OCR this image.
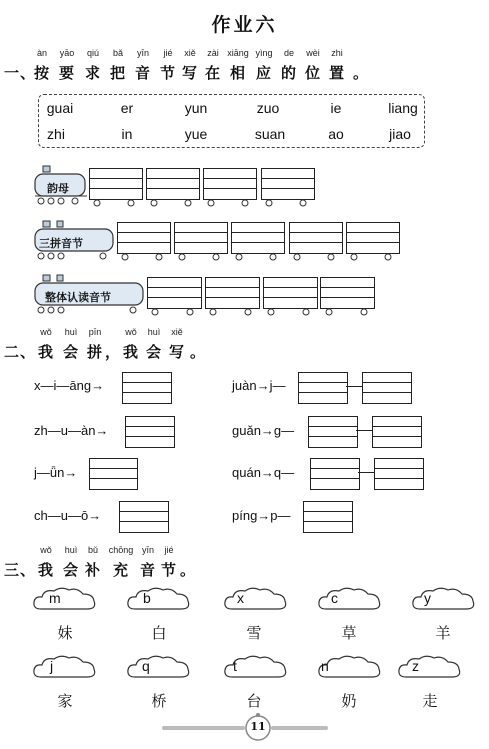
作业六
àn yāo qiú bǎ yīn jié xiě zài xiāng yìng de wèi zhi
一、
按 要 求 把 音 节 写 在 相 应 的 位 置 。
guai	er	yun	zuo	ie	liang
zhi	in	yue	suan	ao	jiao
韵母
三拼音节
整体认读音节
wǒ huì pīn	wǒ huì xiě
二、 我 会 拼 ， 我 会 写 。
x—i—āng→
zh—u—àn→
j—ǖn→
ch—u—ō→
juàn→j—
guǎn→g—
quán→q—
píng→p—
wǒ huì bǔ chōng yīn jié
三、 我 会 补 充 音 节 。
m	b	x	c	y
妹	白	雪	草	羊
j	q	t	n	z
家	桥	台	奶	走
11
